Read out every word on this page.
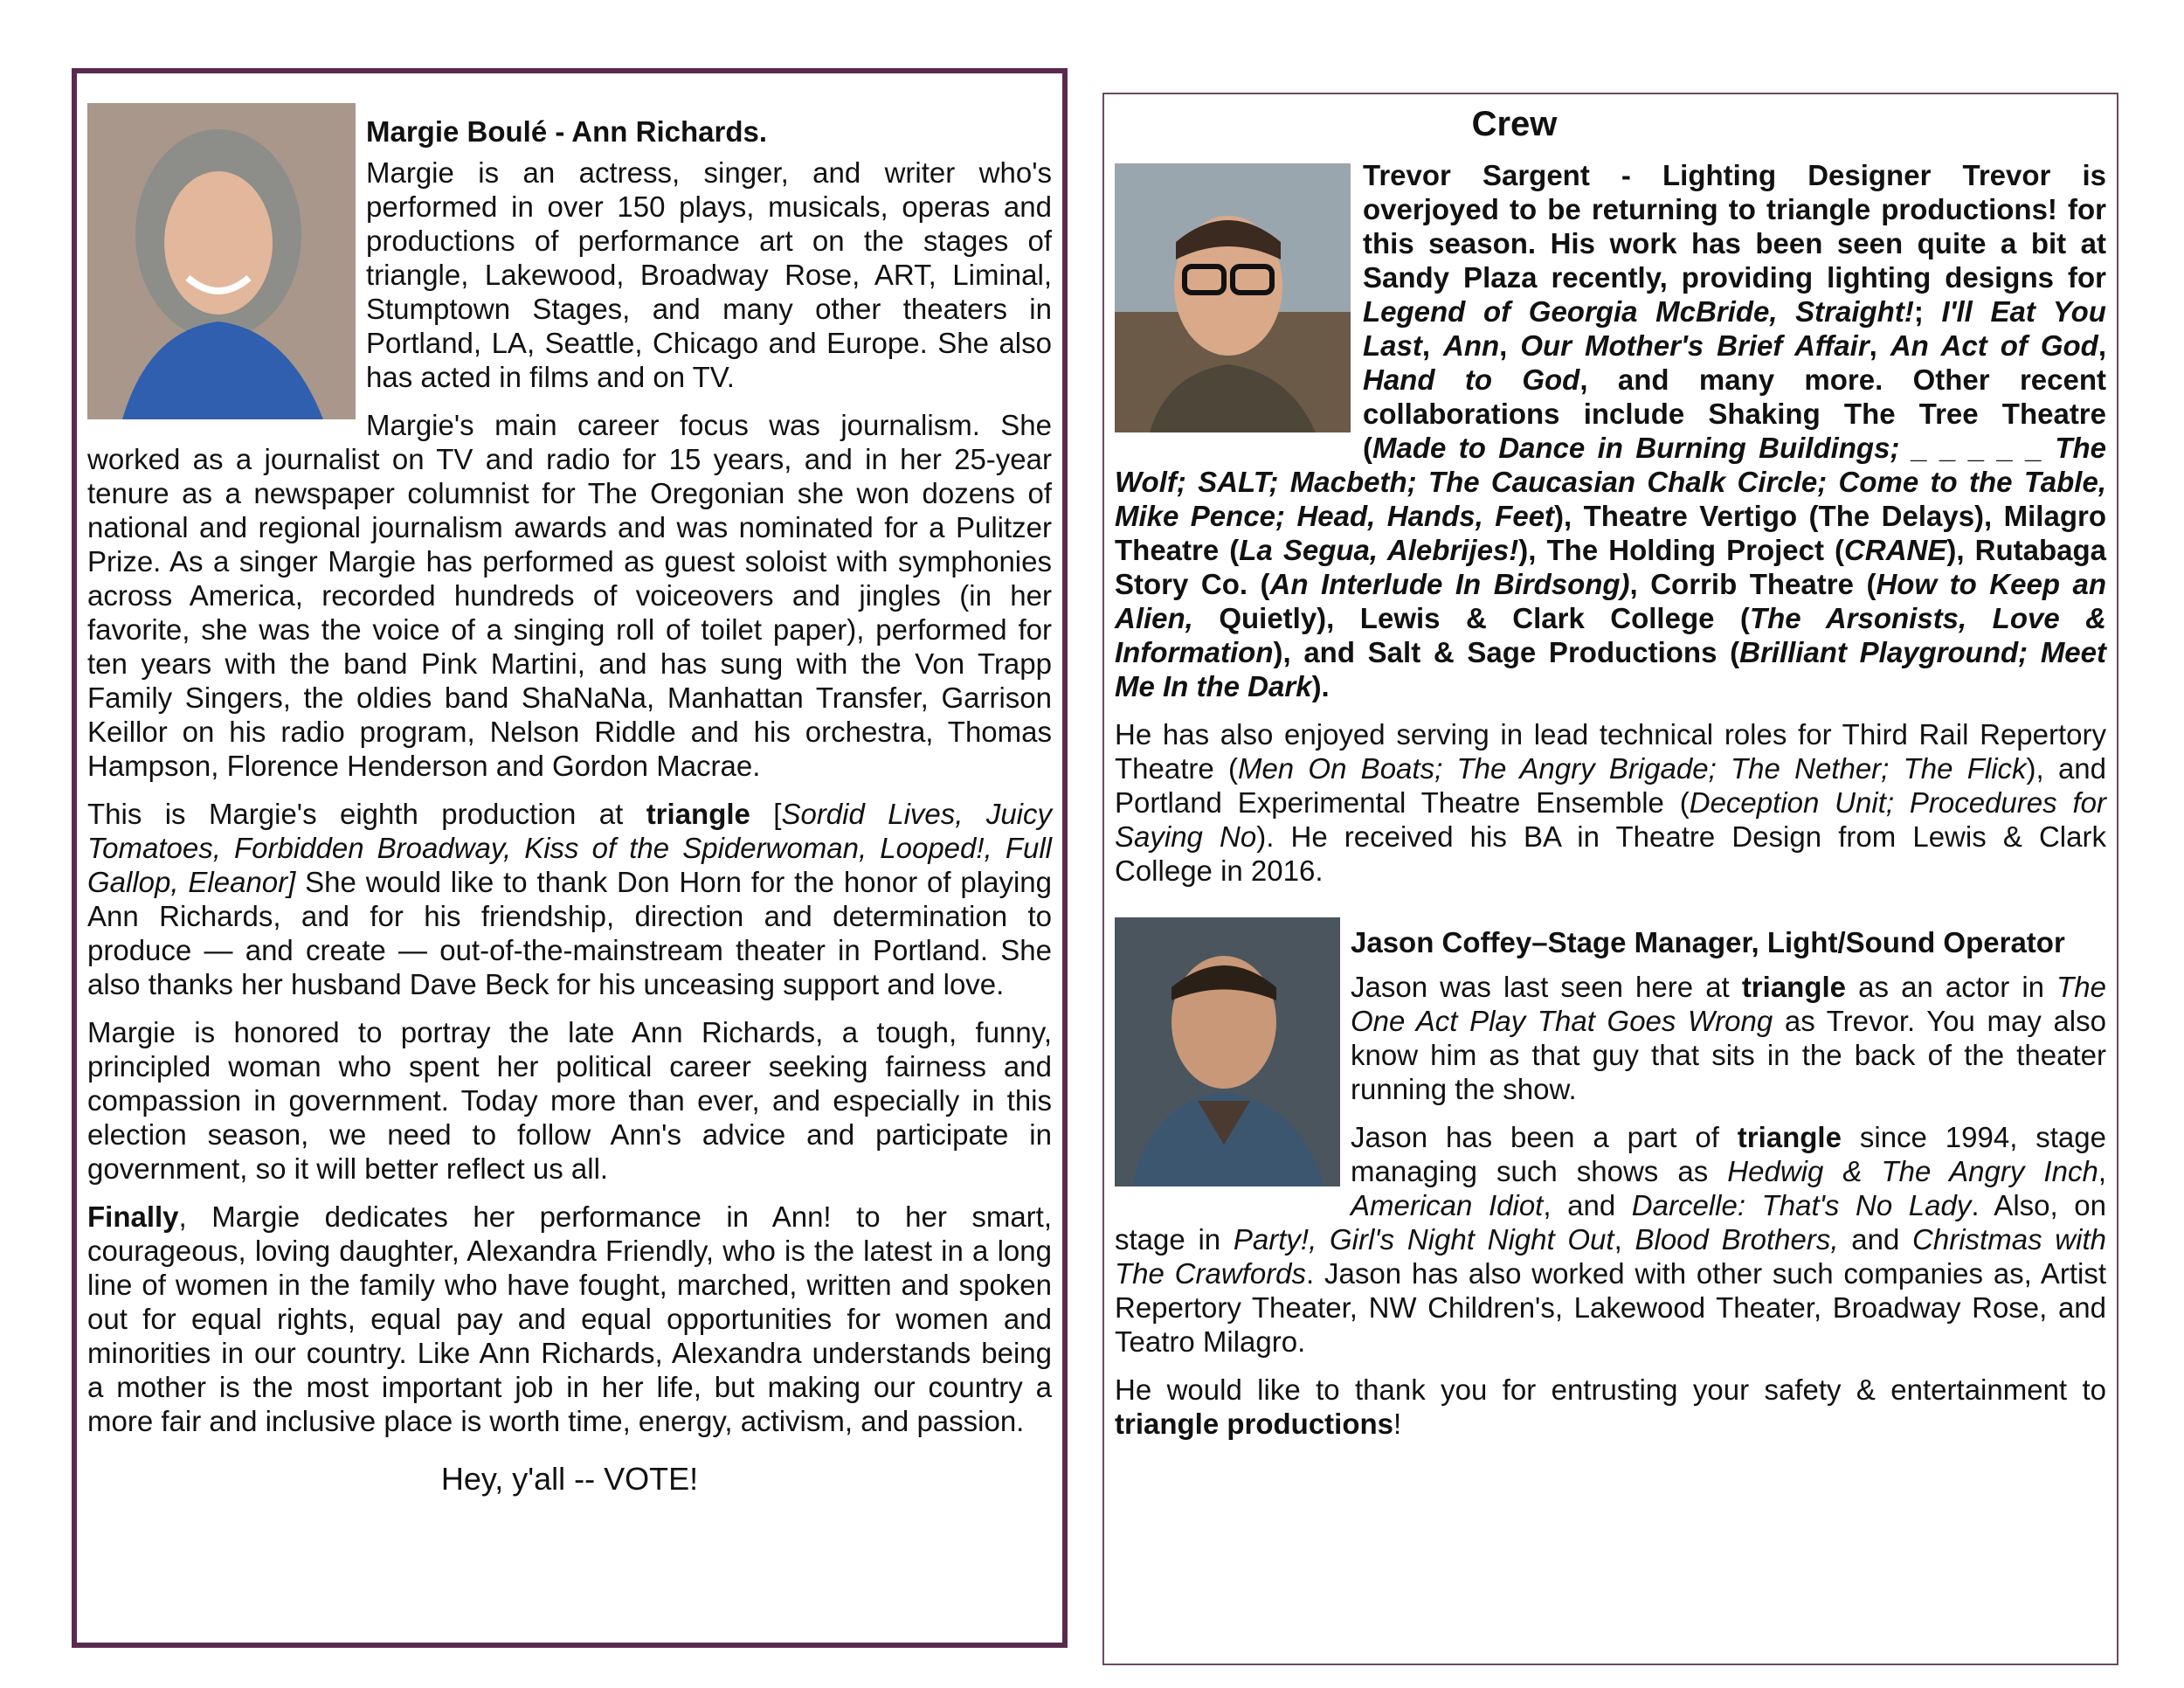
Margie Boulé - Ann Richards.

Margie is an actress, singer, and writer who's performed in over 150 plays, musicals, operas and productions of performance art on the stages of triangle, Lakewood, Broadway Rose, ART, Liminal, Stumptown Stages, and many other theaters in Portland, LA, Seattle, Chicago and Europe. She also has acted in films and on TV.

Margie's main career focus was journalism. She worked as a journalist on TV and radio for 15 years, and in her 25-year tenure as a newspaper columnist for The Oregonian she won dozens of national and regional journalism awards and was nominated for a Pulitzer Prize. As a singer Margie has performed as guest soloist with symphonies across America, recorded hundreds of voiceovers and jingles (in her favorite, she was the voice of a singing roll of toilet paper), performed for ten years with the band Pink Martini, and has sung with the Von Trapp Family Singers, the oldies band ShaNaNa, Manhattan Transfer, Garrison Keillor on his radio program, Nelson Riddle and his orchestra, Thomas Hampson, Florence Henderson and Gordon Macrae.

This is Margie's eighth production at triangle [Sordid Lives, Juicy Tomatoes, Forbidden Broadway, Kiss of the Spiderwoman, Looped!, Full Gallop, Eleanor] She would like to thank Don Horn for the honor of playing Ann Richards, and for his friendship, direction and determination to produce — and create — out-of-the-mainstream theater in Portland. She also thanks her husband Dave Beck for his unceasing support and love.

Margie is honored to portray the late Ann Richards, a tough, funny, principled woman who spent her political career seeking fairness and compassion in government. Today more than ever, and especially in this election season, we need to follow Ann's advice and participate in government, so it will better reflect us all.

Finally, Margie dedicates her performance in Ann! to her smart, courageous, loving daughter, Alexandra Friendly, who is the latest in a long line of women in the family who have fought, marched, written and spoken out for equal rights, equal pay and equal opportunities for women and minorities in our country. Like Ann Richards, Alexandra understands being a mother is the most important job in her life, but making our country a more fair and inclusive place is worth time, energy, activism, and passion.

Hey, y'all -- VOTE!
Crew

Trevor Sargent - Lighting Designer Trevor is overjoyed to be returning to triangle productions! for this season. His work has been seen quite a bit at Sandy Plaza recently, providing lighting designs for Legend of Georgia McBride, Straight!; I'll Eat You Last, Ann, Our Mother's Brief Affair, An Act of God, Hand to God, and many more. Other recent collaborations include Shaking The Tree Theatre (Made to Dance in Burning Buildings; _ _ _ _ _ The Wolf; SALT; Macbeth; The Caucasian Chalk Circle; Come to the Table, Mike Pence; Head, Hands, Feet), Theatre Vertigo (The Delays), Milagro Theatre (La Segua, Alebrijes!), The Holding Project (CRANE), Rutabaga Story Co. (An Interlude In Birdsong), Corrib Theatre (How to Keep an Alien, Quietly), Lewis & Clark College (The Arsonists, Love & Information), and Salt & Sage Productions (Brilliant Playground; Meet Me In the Dark).

He has also enjoyed serving in lead technical roles for Third Rail Repertory Theatre (Men On Boats; The Angry Brigade; The Nether; The Flick), and Portland Experimental Theatre Ensemble (Deception Unit; Procedures for Saying No). He received his BA in Theatre Design from Lewis & Clark College in 2016.

Jason Coffey–Stage Manager, Light/Sound Operator

Jason was last seen here at triangle as an actor in The One Act Play That Goes Wrong as Trevor. You may also know him as that guy that sits in the back of the theater running the show.

Jason has been a part of triangle since 1994, stage managing such shows as Hedwig & The Angry Inch, American Idiot, and Darcelle: That's No Lady. Also, on stage in Party!, Girl's Night Night Out, Blood Brothers, and Christmas with The Crawfords. Jason has also worked with other such companies as, Artist Repertory Theater, NW Children's, Lakewood Theater, Broadway Rose, and Teatro Milagro.

He would like to thank you for entrusting your safety & entertainment to triangle productions!
